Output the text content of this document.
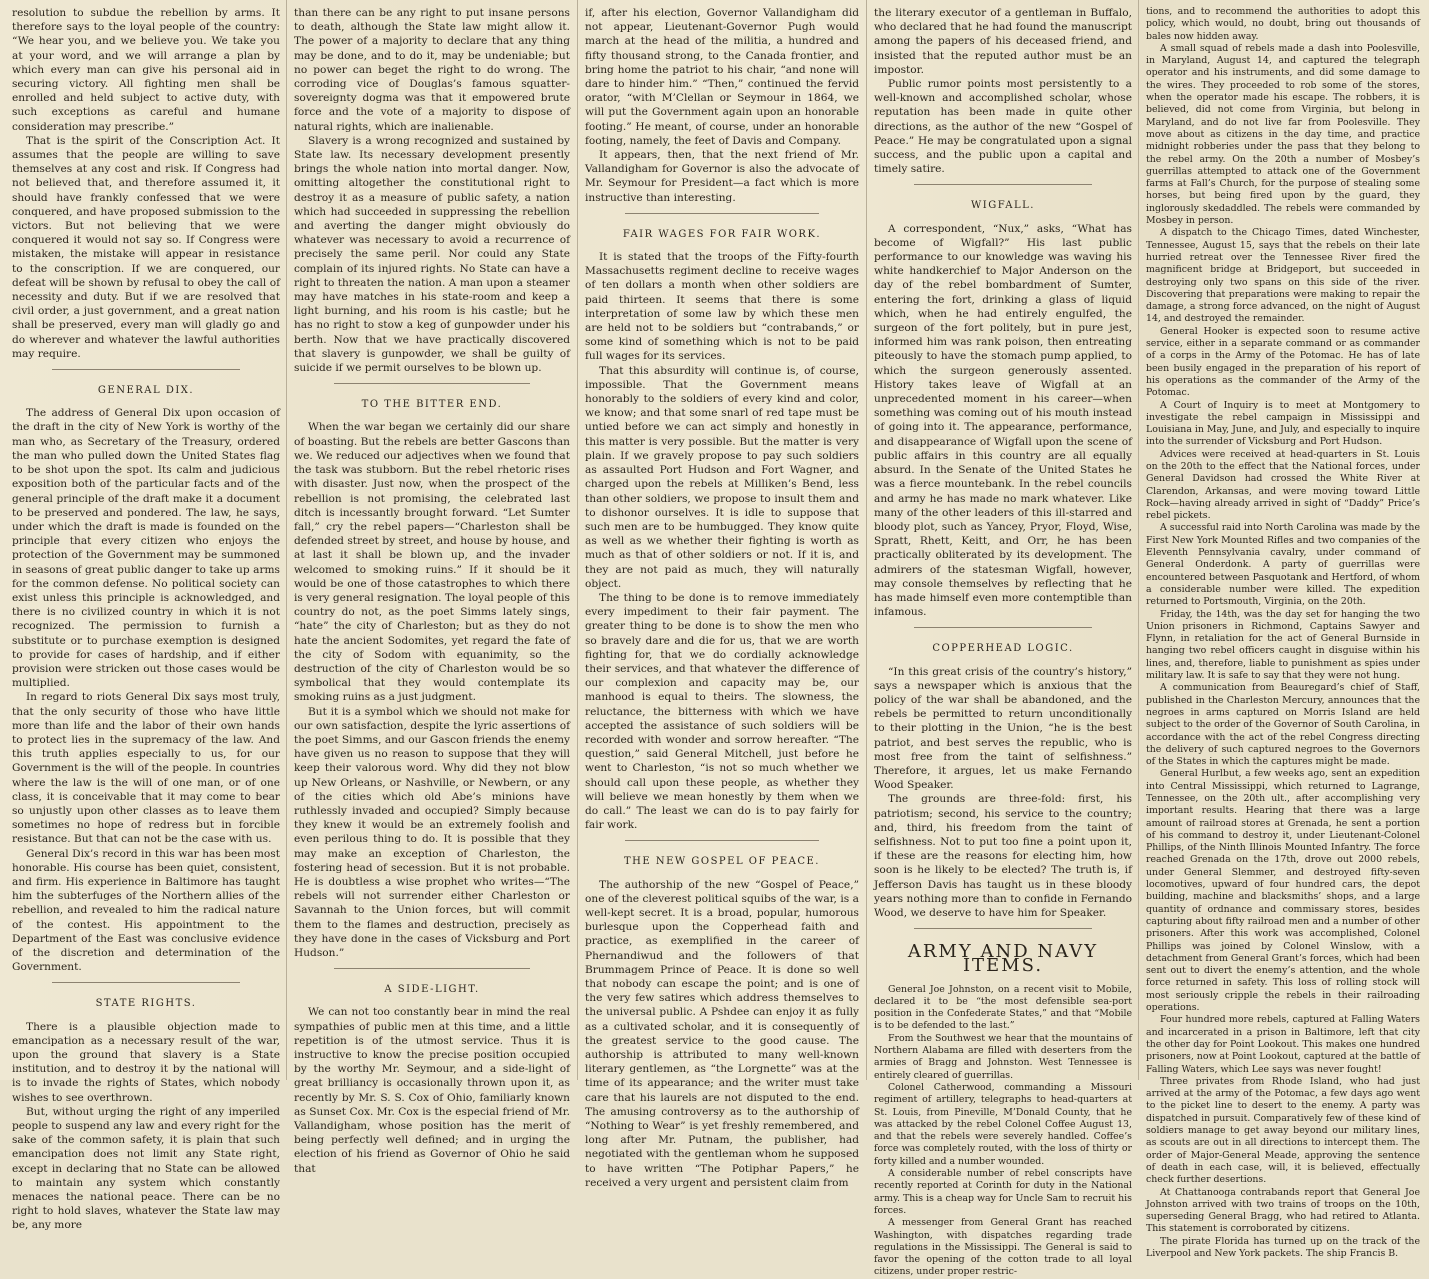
resolution to subdue the rebellion by arms. It therefore says to the loyal people of the country: “We hear you, and we believe you. We take you at your word, and we will arrange a plan by which every man can give his personal aid in securing victory. All fighting men shall be enrolled and held subject to active duty, with such exceptions as careful and humane consideration may prescribe.”

That is the spirit of the Conscription Act. It assumes that the people are willing to save themselves at any cost and risk. If Congress had not believed that, and therefore assumed it, it should have frankly confessed that we were conquered, and have proposed submission to the victors. But not believing that we were conquered it would not say so. If Congress were mistaken, the mistake will appear in resistance to the conscription. If we are conquered, our defeat will be shown by refusal to obey the call of necessity and duty. But if we are resolved that civil order, a just government, and a great nation shall be preserved, every man will gladly go and do wherever and whatever the lawful authorities may require.

GENERAL DIX.

The address of General Dix upon occasion of the draft in the city of New York is worthy of the man who, as Secretary of the Treasury, ordered the man who pulled down the United States flag to be shot upon the spot. Its calm and judicious exposition both of the particular facts and of the general principle of the draft make it a document to be preserved and pondered. The law, he says, under which the draft is made is founded on the principle that every citizen who enjoys the protection of the Government may be summoned in seasons of great public danger to take up arms for the common defense. No political society can exist unless this principle is acknowledged, and there is no civilized country in which it is not recognized. The permission to furnish a substitute or to purchase exemption is designed to provide for cases of hardship, and if either provision were stricken out those cases would be multiplied.

In regard to riots General Dix says most truly, that the only security of those who have little more than life and the labor of their own hands to protect lies in the supremacy of the law. And this truth applies especially to us, for our Government is the will of the people. In countries where the law is the will of one man, or of one class, it is conceivable that it may come to bear so unjustly upon other classes as to leave them sometimes no hope of redress but in forcible resistance. But that can not be the case with us.

General Dix’s record in this war has been most honorable. His course has been quiet, consistent, and firm. His experience in Baltimore has taught him the subterfuges of the Northern allies of the rebellion, and revealed to him the radical nature of the contest. His appointment to the Department of the East was conclusive evidence of the discretion and determination of the Government.

STATE RIGHTS.

There is a plausible objection made to emancipation as a necessary result of the war, upon the ground that slavery is a State institution, and to destroy it by the national will is to invade the rights of States, which nobody wishes to see overthrown.

But, without urging the right of any imperiled people to suspend any law and every right for the sake of the common safety, it is plain that such emancipation does not limit any State right, except in declaring that no State can be allowed to maintain any system which constantly menaces the national peace. There can be no right to hold slaves, whatever the State law may be, any more

than there can be any right to put insane persons to death, although the State law might allow it. The power of a majority to declare that any thing may be done, and to do it, may be undeniable; but no power can beget the right to do wrong. The corroding vice of Douglas’s famous squatter-sovereignty dogma was that it empowered brute force and the vote of a majority to dispose of natural rights, which are inalienable.

Slavery is a wrong recognized and sustained by State law. Its necessary development presently brings the whole nation into mortal danger. Now, omitting altogether the constitutional right to destroy it as a measure of public safety, a nation which had succeeded in suppressing the rebellion and averting the danger might obviously do whatever was necessary to avoid a recurrence of precisely the same peril. Nor could any State complain of its injured rights. No State can have a right to threaten the nation. A man upon a steamer may have matches in his state-room and keep a light burning, and his room is his castle; but he has no right to stow a keg of gunpowder under his berth. Now that we have practically discovered that slavery is gunpowder, we shall be guilty of suicide if we permit ourselves to be blown up.

TO THE BITTER END.

When the war began we certainly did our share of boasting. But the rebels are better Gascons than we. We reduced our adjectives when we found that the task was stubborn. But the rebel rhetoric rises with disaster. Just now, when the prospect of the rebellion is not promising, the celebrated last ditch is incessantly brought forward. “Let Sumter fall,” cry the rebel papers—“Charleston shall be defended street by street, and house by house, and at last it shall be blown up, and the invader welcomed to smoking ruins.” If it should be it would be one of those catastrophes to which there is very general resignation. The loyal people of this country do not, as the poet Simms lately sings, “hate” the city of Charleston; but as they do not hate the ancient Sodomites, yet regard the fate of the city of Sodom with equanimity, so the destruction of the city of Charleston would be so symbolical that they would contemplate its smoking ruins as a just judgment.

But it is a symbol which we should not make for our own satisfaction, despite the lyric assertions of the poet Simms, and our Gascon friends the enemy have given us no reason to suppose that they will keep their valorous word. Why did they not blow up New Orleans, or Nashville, or Newbern, or any of the cities which old Abe’s minions have ruthlessly invaded and occupied? Simply because they knew it would be an extremely foolish and even perilous thing to do. It is possible that they may make an exception of Charleston, the fostering head of secession. But it is not probable. He is doubtless a wise prophet who writes—“The rebels will not surrender either Charleston or Savannah to the Union forces, but will commit them to the flames and destruction, precisely as they have done in the cases of Vicksburg and Port Hudson.”

A SIDE-LIGHT.

We can not too constantly bear in mind the real sympathies of public men at this time, and a little repetition is of the utmost service. Thus it is instructive to know the precise position occupied by the worthy Mr. Seymour, and a side-light of great brilliancy is occasionally thrown upon it, as recently by Mr. S. S. Cox of Ohio, familiarly known as Sunset Cox. Mr. Cox is the especial friend of Mr. Vallandigham, whose position has the merit of being perfectly well defined; and in urging the election of his friend as Governor of Ohio he said that

if, after his election, Governor Vallandigham did not appear, Lieutenant-Governor Pugh would march at the head of the militia, a hundred and fifty thousand strong, to the Canada frontier, and bring home the patriot to his chair, “and none will dare to hinder him.” “Then,” continued the fervid orator, “with M’Clellan or Seymour in 1864, we will put the Government again upon an honorable footing.” He meant, of course, under an honorable footing, namely, the feet of Davis and Company.

It appears, then, that the next friend of Mr. Vallandigham for Governor is also the advocate of Mr. Seymour for President—a fact which is more instructive than interesting.

FAIR WAGES FOR FAIR WORK.

It is stated that the troops of the Fifty-fourth Massachusetts regiment decline to receive wages of ten dollars a month when other soldiers are paid thirteen. It seems that there is some interpretation of some law by which these men are held not to be soldiers but “contrabands,” or some kind of something which is not to be paid full wages for its services.

That this absurdity will continue is, of course, impossible. That the Government means honorably to the soldiers of every kind and color, we know; and that some snarl of red tape must be untied before we can act simply and honestly in this matter is very possible. But the matter is very plain. If we gravely propose to pay such soldiers as assaulted Port Hudson and Fort Wagner, and charged upon the rebels at Milliken’s Bend, less than other soldiers, we propose to insult them and to dishonor ourselves. It is idle to suppose that such men are to be humbugged. They know quite as well as we whether their fighting is worth as much as that of other soldiers or not. If it is, and they are not paid as much, they will naturally object.

The thing to be done is to remove immediately every impediment to their fair payment. The greater thing to be done is to show the men who so bravely dare and die for us, that we are worth fighting for, that we do cordially acknowledge their services, and that whatever the difference of our complexion and capacity may be, our manhood is equal to theirs. The slowness, the reluctance, the bitterness with which we have accepted the assistance of such soldiers will be recorded with wonder and sorrow hereafter. “The question,” said General Mitchell, just before he went to Charleston, “is not so much whether we should call upon these people, as whether they will believe we mean honestly by them when we do call.” The least we can do is to pay fairly for fair work.

THE NEW GOSPEL OF PEACE.

The authorship of the new “Gospel of Peace,” one of the cleverest political squibs of the war, is a well-kept secret. It is a broad, popular, humorous burlesque upon the Copperhead faith and practice, as exemplified in the career of Phernandiwud and the followers of that Brummagem Prince of Peace. It is done so well that nobody can escape the point; and is one of the very few satires which address themselves to the universal public. A Pshdee can enjoy it as fully as a cultivated scholar, and it is consequently of the greatest service to the good cause. The authorship is attributed to many well-known literary gentlemen, as “the Lorgnette” was at the time of its appearance; and the writer must take care that his laurels are not disputed to the end. The amusing controversy as to the authorship of “Nothing to Wear” is yet freshly remembered, and long after Mr. Putnam, the publisher, had negotiated with the gentleman whom he supposed to have written “The Potiphar Papers,” he received a very urgent and persistent claim from

the literary executor of a gentleman in Buffalo, who declared that he had found the manuscript among the papers of his deceased friend, and insisted that the reputed author must be an impostor.

Public rumor points most persistently to a well-known and accomplished scholar, whose reputation has been made in quite other directions, as the author of the new “Gospel of Peace.” He may be congratulated upon a signal success, and the public upon a capital and timely satire.

WIGFALL.

A correspondent, “Nux,” asks, “What has become of Wigfall?” His last public performance to our knowledge was waving his white handkerchief to Major Anderson on the day of the rebel bombardment of Sumter, entering the fort, drinking a glass of liquid which, when he had entirely engulfed, the surgeon of the fort politely, but in pure jest, informed him was rank poison, then entreating piteously to have the stomach pump applied, to which the surgeon generously assented. History takes leave of Wigfall at an unprecedented moment in his career—when something was coming out of his mouth instead of going into it. The appearance, performance, and disappearance of Wigfall upon the scene of public affairs in this country are all equally absurd. In the Senate of the United States he was a fierce mountebank. In the rebel councils and army he has made no mark whatever. Like many of the other leaders of this ill-starred and bloody plot, such as Yancey, Pryor, Floyd, Wise, Spratt, Rhett, Keitt, and Orr, he has been practically obliterated by its development. The admirers of the statesman Wigfall, however, may console themselves by reflecting that he has made himself even more contemptible than infamous.

COPPERHEAD LOGIC.

“In this great crisis of the country’s history,” says a newspaper which is anxious that the policy of the war shall be abandoned, and the rebels be permitted to return unconditionally to their plotting in the Union, “he is the best patriot, and best serves the republic, who is most free from the taint of selfishness.” Therefore, it argues, let us make Fernando Wood Speaker.

The grounds are three-fold: first, his patriotism; second, his service to the country; and, third, his freedom from the taint of selfishness. Not to put too fine a point upon it, if these are the reasons for electing him, how soon is he likely to be elected? The truth is, if Jefferson Davis has taught us in these bloody years nothing more than to confide in Fernando Wood, we deserve to have him for Speaker.

ARMY AND NAVY ITEMS.

General Joe Johnston, on a recent visit to Mobile, declared it to be “the most defensible sea-port position in the Confederate States,” and that “Mobile is to be defended to the last.”

From the Southwest we hear that the mountains of Northern Alabama are filled with deserters from the armies of Bragg and Johnston. West Tennessee is entirely cleared of guerrillas.

Colonel Catherwood, commanding a Missouri regiment of artillery, telegraphs to head-quarters at St. Louis, from Pineville, M’Donald County, that he was attacked by the rebel Colonel Coffee August 13, and that the rebels were severely handled. Coffee’s force was completely routed, with the loss of thirty or forty killed and a number wounded.

A considerable number of rebel conscripts have recently reported at Corinth for duty in the National army. This is a cheap way for Uncle Sam to recruit his forces.

A messenger from General Grant has reached Washington, with dispatches regarding trade regulations in the Mississippi. The General is said to favor the opening of the cotton trade to all loyal citizens, under proper restric-

tions, and to recommend the authorities to adopt this policy, which would, no doubt, bring out thousands of bales now hidden away.

A small squad of rebels made a dash into Poolesville, in Maryland, August 14, and captured the telegraph operator and his instruments, and did some damage to the wires. They proceeded to rob some of the stores, when the operator made his escape. The robbers, it is believed, did not come from Virginia, but belong in Maryland, and do not live far from Poolesville. They move about as citizens in the day time, and practice midnight robberies under the pass that they belong to the rebel army. On the 20th a number of Mosbey’s guerrillas attempted to attack one of the Government farms at Fall’s Church, for the purpose of stealing some horses, but being fired upon by the guard, they inglorously skedaddled. The rebels were commanded by Mosbey in person.

A dispatch to the Chicago Times, dated Winchester, Tennessee, August 15, says that the rebels on their late hurried retreat over the Tennessee River fired the magnificent bridge at Bridgeport, but succeeded in destroying only two spans on this side of the river. Discovering that preparations were making to repair the damage, a strong force advanced, on the night of August 14, and destroyed the remainder.

General Hooker is expected soon to resume active service, either in a separate command or as commander of a corps in the Army of the Potomac. He has of late been busily engaged in the preparation of his report of his operations as the commander of the Army of the Potomac.

A Court of Inquiry is to meet at Montgomery to investigate the rebel campaign in Mississippi and Louisiana in May, June, and July, and especially to inquire into the surrender of Vicksburg and Port Hudson.

Advices were received at head-quarters in St. Louis on the 20th to the effect that the National forces, under General Davidson had crossed the White River at Clarendon, Arkansas, and were moving toward Little Rock—having already arrived in sight of “Daddy” Price’s rebel pickets.

A successful raid into North Carolina was made by the First New York Mounted Rifles and two companies of the Eleventh Pennsylvania cavalry, under command of General Onderdonk. A party of guerrillas were encountered between Pasquotank and Hertford, of whom a considerable number were killed. The expedition returned to Portsmouth, Virginia, on the 20th.

Friday, the 14th, was the day set for hanging the two Union prisoners in Richmond, Captains Sawyer and Flynn, in retaliation for the act of General Burnside in hanging two rebel officers caught in disguise within his lines, and, therefore, liable to punishment as spies under military law. It is safe to say that they were not hung.

A communication from Beauregard’s chief of Staff, published in the Charleston Mercury, announces that the negroes in arms captured on Morris Island are held subject to the order of the Governor of South Carolina, in accordance with the act of the rebel Congress directing the delivery of such captured negroes to the Governors of the States in which the captures might be made.

General Hurlbut, a few weeks ago, sent an expedition into Central Mississippi, which returned to Lagrange, Tennessee, on the 20th ult., after accomplishing very important results. Hearing that there was a large amount of railroad stores at Grenada, he sent a portion of his command to destroy it, under Lieutenant-Colonel Phillips, of the Ninth Illinois Mounted Infantry. The force reached Grenada on the 17th, drove out 2000 rebels, under General Slemmer, and destroyed fifty-seven locomotives, upward of four hundred cars, the depot building, machine and blacksmiths’ shops, and a large quantity of ordnance and commissary stores, besides capturing about fifty railroad men and a number of other prisoners. After this work was accomplished, Colonel Phillips was joined by Colonel Winslow, with a detachment from General Grant’s forces, which had been sent out to divert the enemy’s attention, and the whole force returned in safety. This loss of rolling stock will most seriously cripple the rebels in their railroading operations.

Four hundred more rebels, captured at Falling Waters and incarcerated in a prison in Baltimore, left that city the other day for Point Lookout. This makes one hundred prisoners, now at Point Lookout, captured at the battle of Falling Waters, which Lee says was never fought!

Three privates from Rhode Island, who had just arrived at the army of the Potomac, a few days ago went to the picket line to desert to the enemy. A party was dispatched in pursuit. Comparatively few of these kind of soldiers manage to get away beyond our military lines, as scouts are out in all directions to intercept them. The order of Major-General Meade, approving the sentence of death in each case, will, it is believed, effectually check further desertions.

At Chattanooga contrabands report that General Joe Johnston arrived with two trains of troops on the 10th, superseding General Bragg, who had retired to Atlanta. This statement is corroborated by citizens.

The pirate Florida has turned up on the track of the Liverpool and New York packets. The ship Francis B.
